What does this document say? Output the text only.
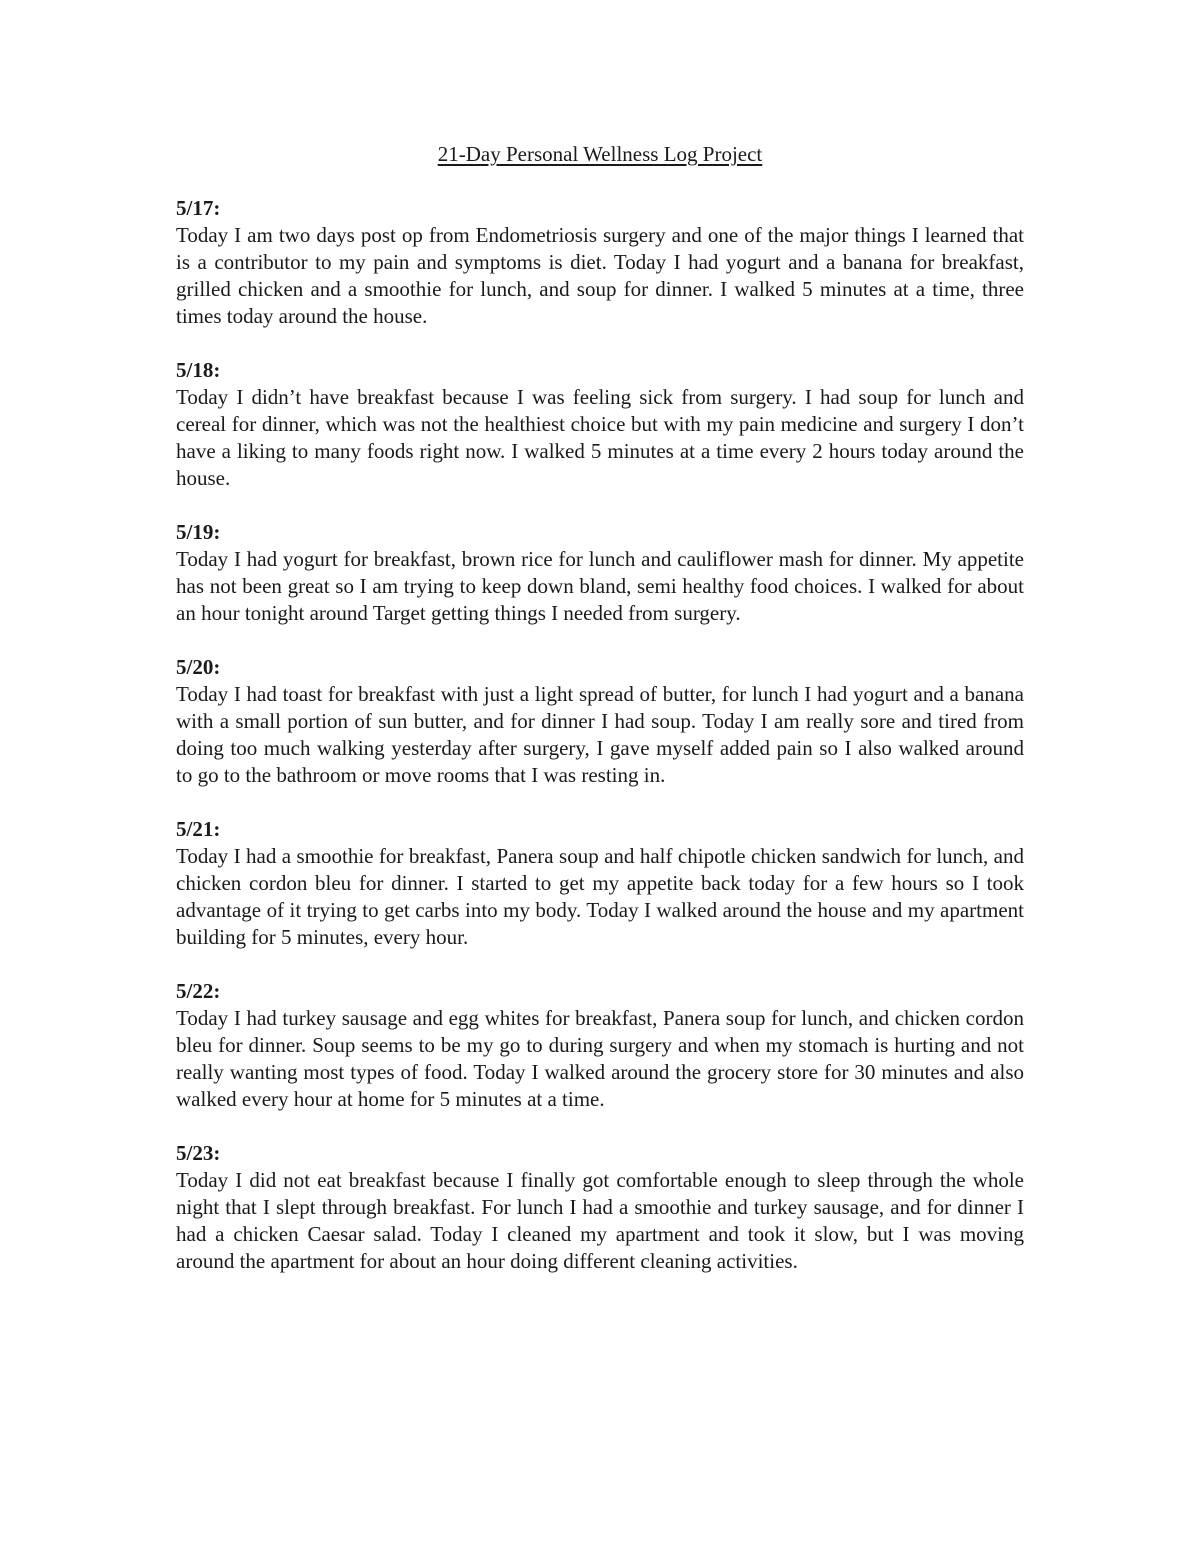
21-Day Personal Wellness Log Project

5/17:

Today I am two days post op from Endometriosis surgery and one of the major things I learned that is a contributor to my pain and symptoms is diet. Today I had yogurt and a banana for breakfast, grilled chicken and a smoothie for lunch, and soup for dinner. I walked 5 minutes at a time, three times today around the house.

5/18:

Today I didn’t have breakfast because I was feeling sick from surgery. I had soup for lunch and cereal for dinner, which was not the healthiest choice but with my pain medicine and surgery I don’t have a liking to many foods right now. I walked 5 minutes at a time every 2 hours today around the house.

5/19:

Today I had yogurt for breakfast, brown rice for lunch and cauliflower mash for dinner. My appetite has not been great so I am trying to keep down bland, semi healthy food choices. I walked for about an hour tonight around Target getting things I needed from surgery.

5/20:

Today I had toast for breakfast with just a light spread of butter, for lunch I had yogurt and a banana with a small portion of sun butter, and for dinner I had soup. Today I am really sore and tired from doing too much walking yesterday after surgery, I gave myself added pain so I also walked around to go to the bathroom or move rooms that I was resting in.

5/21:

Today I had a smoothie for breakfast, Panera soup and half chipotle chicken sandwich for lunch, and chicken cordon bleu for dinner. I started to get my appetite back today for a few hours so I took advantage of it trying to get carbs into my body. Today I walked around the house and my apartment building for 5 minutes, every hour.

5/22:

Today I had turkey sausage and egg whites for breakfast, Panera soup for lunch, and chicken cordon bleu for dinner. Soup seems to be my go to during surgery and when my stomach is hurting and not really wanting most types of food. Today I walked around the grocery store for 30 minutes and also walked every hour at home for 5 minutes at a time.

5/23:

Today I did not eat breakfast because I finally got comfortable enough to sleep through the whole night that I slept through breakfast. For lunch I had a smoothie and turkey sausage, and for dinner I had a chicken Caesar salad. Today I cleaned my apartment and took it slow, but I was moving around the apartment for about an hour doing different cleaning activities.
